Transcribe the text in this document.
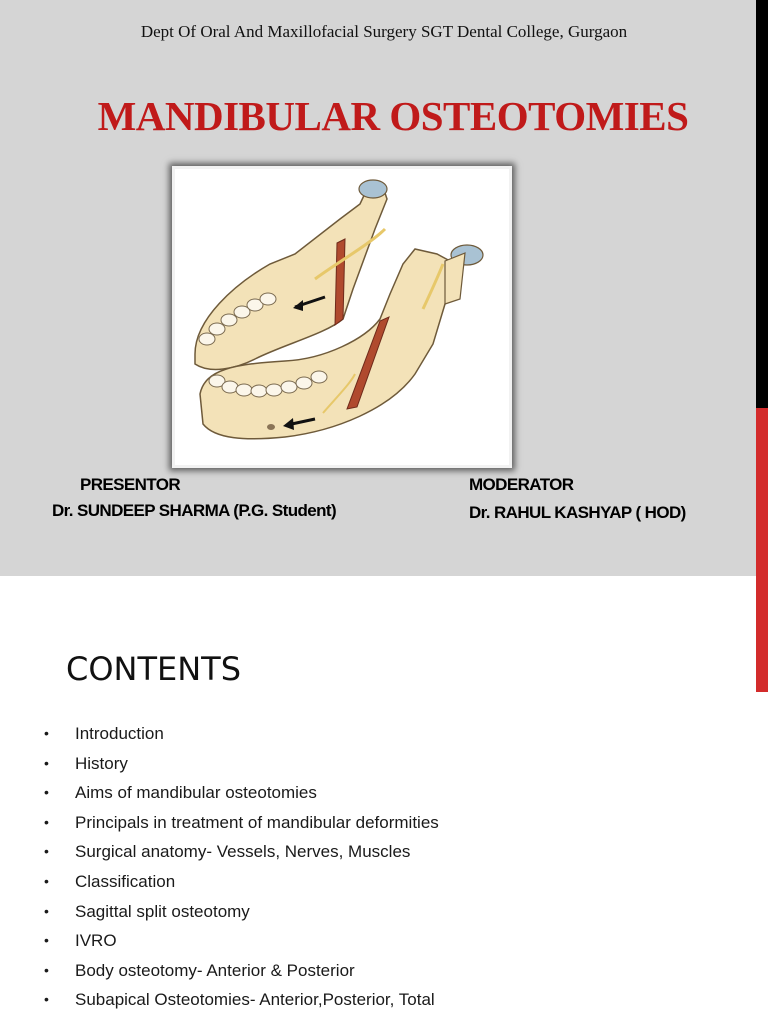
Dept Of Oral And Maxillofacial Surgery SGT Dental College, Gurgaon
MANDIBULAR OSTEOTOMIES
PRESENTOR
Dr. SUNDEEP SHARMA (P.G. Student)
MODERATOR
Dr. RAHUL KASHYAP ( HOD)
CONTENTS
• Introduction
• History
• Aims of mandibular osteotomies
• Principals in treatment of mandibular deformities
• Surgical anatomy- Vessels, Nerves, Muscles
• Classification
• Sagittal split osteotomy
• IVRO
• Body osteotomy- Anterior & Posterior
• Subapical Osteotomies- Anterior,Posterior, Total
